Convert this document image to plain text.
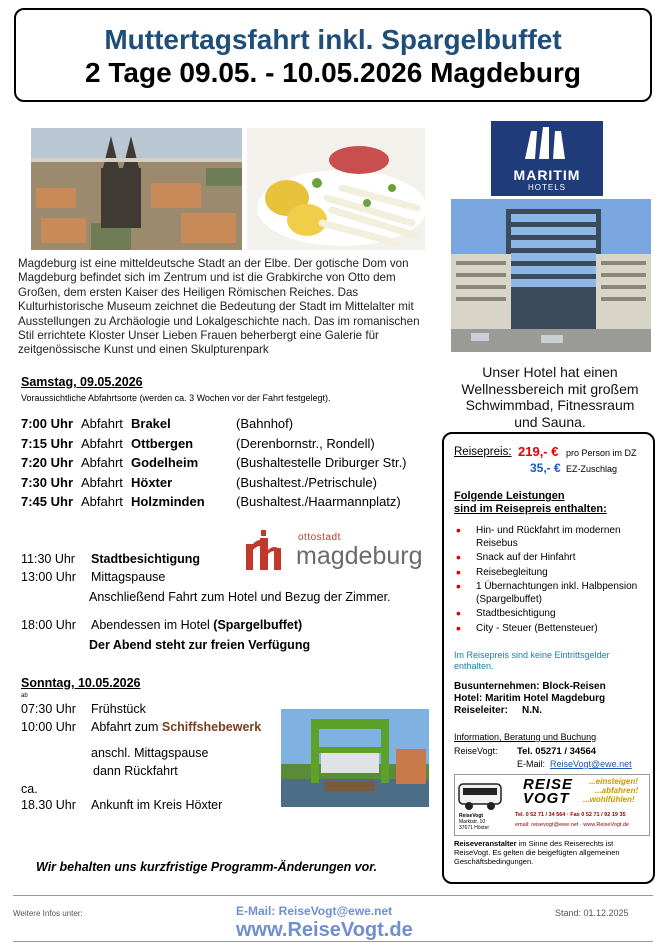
Muttertagsfahrt inkl. Spargelbuffet
2 Tage 09.05. - 10.05.2026 Magdeburg
MARITIM
HOTELS
Unser Hotel hat einen Wellnessbereich mit großem Schwimmbad, Fitnessraum und Sauna.
Magdeburg ist eine mitteldeutsche Stadt an der Elbe. Der gotische Dom von Magdeburg befindet sich im Zentrum und ist die Grabkirche von Otto dem Großen, dem ersten Kaiser des Heiligen Römischen Reiches. Das Kulturhistorische Museum zeichnet die Bedeutung der Stadt im Mittelalter mit Ausstellungen zu Archäologie und Lokalgeschichte nach. Das im romanischen Stil errichtete Kloster Unser Lieben Frauen beherbergt eine Galerie für zeitgenössische Kunst und einen Skulpturenpark
Samstag, 09.05.2026
Voraussichtliche Abfahrtsorte (werden ca. 3 Wochen vor der Fahrt festgelegt).
7:00 Uhr Abfahrt Brakel	(Bahnhof)
7:15 Uhr Abfahrt Ottbergen	(Derenbornstr., Rondell)
7:20 Uhr Abfahrt Godelheim	(Bushaltestelle Driburger Str.)
7:30 Uhr Abfahrt Höxter	(Bushaltest./Petrischule)
7:45 Uhr Abfahrt Holzminden (Bushaltest./Haarmannplatz)
ottostadt
magdeburg
11:30 Uhr Stadtbesichtigung
13:00 Uhr Mittagspause
Anschließend Fahrt zum Hotel und Bezug der Zimmer.
18:00 Uhr Abendessen im Hotel (Spargelbuffet)
Der Abend steht zur freien Verfügung
Sonntag, 10.05.2026
ab
07:30 Uhr Frühstück
10:00 Uhr Abfahrt zum Schiffshebewerk
anschl. Mittagspause
dann Rückfahrt
ca.
18.30 Uhr Ankunft im Kreis Höxter
Wir behalten uns kurzfristige Programm-Änderungen vor.
Reisepreis: 219,- € pro Person im DZ
35,- € EZ-Zuschlag
Folgende Leistungen
sind im Reisepreis enthalten:
• Hin- und Rückfahrt im modernen Reisebus
• Snack auf der Hinfahrt
• Reisebegleitung
• 1 Übernachtungen inkl. Halbpension (Spargelbuffet)
• Stadtbesichtigung
• City - Steuer (Bettensteuer)
Im Reisepreis sind keine Eintrittsgelder enthalten.
Busunternehmen: Block-Reisen
Hotel: Maritim Hotel Magdeburg
Reiseleiter: N.N.
Information, Beratung und Buchung
ReiseVogt: Tel. 05271 / 34564
E-Mail: ReiseVogt@ewe.net
REISE
VOGT
...einsteigen!
...abfahren!
...wohlfühlen!
ReiseVogt
Marktstr. 10
37671 Höxter
Tel. 0 52 71 / 34 564 · Fax 0 52 71 / 92 19 35
email: reisevogt@ewe.net · www.ReiseVogt.de
Reiseveranstalter im Sinne des Reiserechts ist ReiseVogt. Es gelten die beigefügten allgemeinen Geschäftsbedingungen.
Weitere Infos unter:	E-Mail: ReiseVogt@ewe.net
www.ReiseVogt.de
Stand: 01.12.2025
